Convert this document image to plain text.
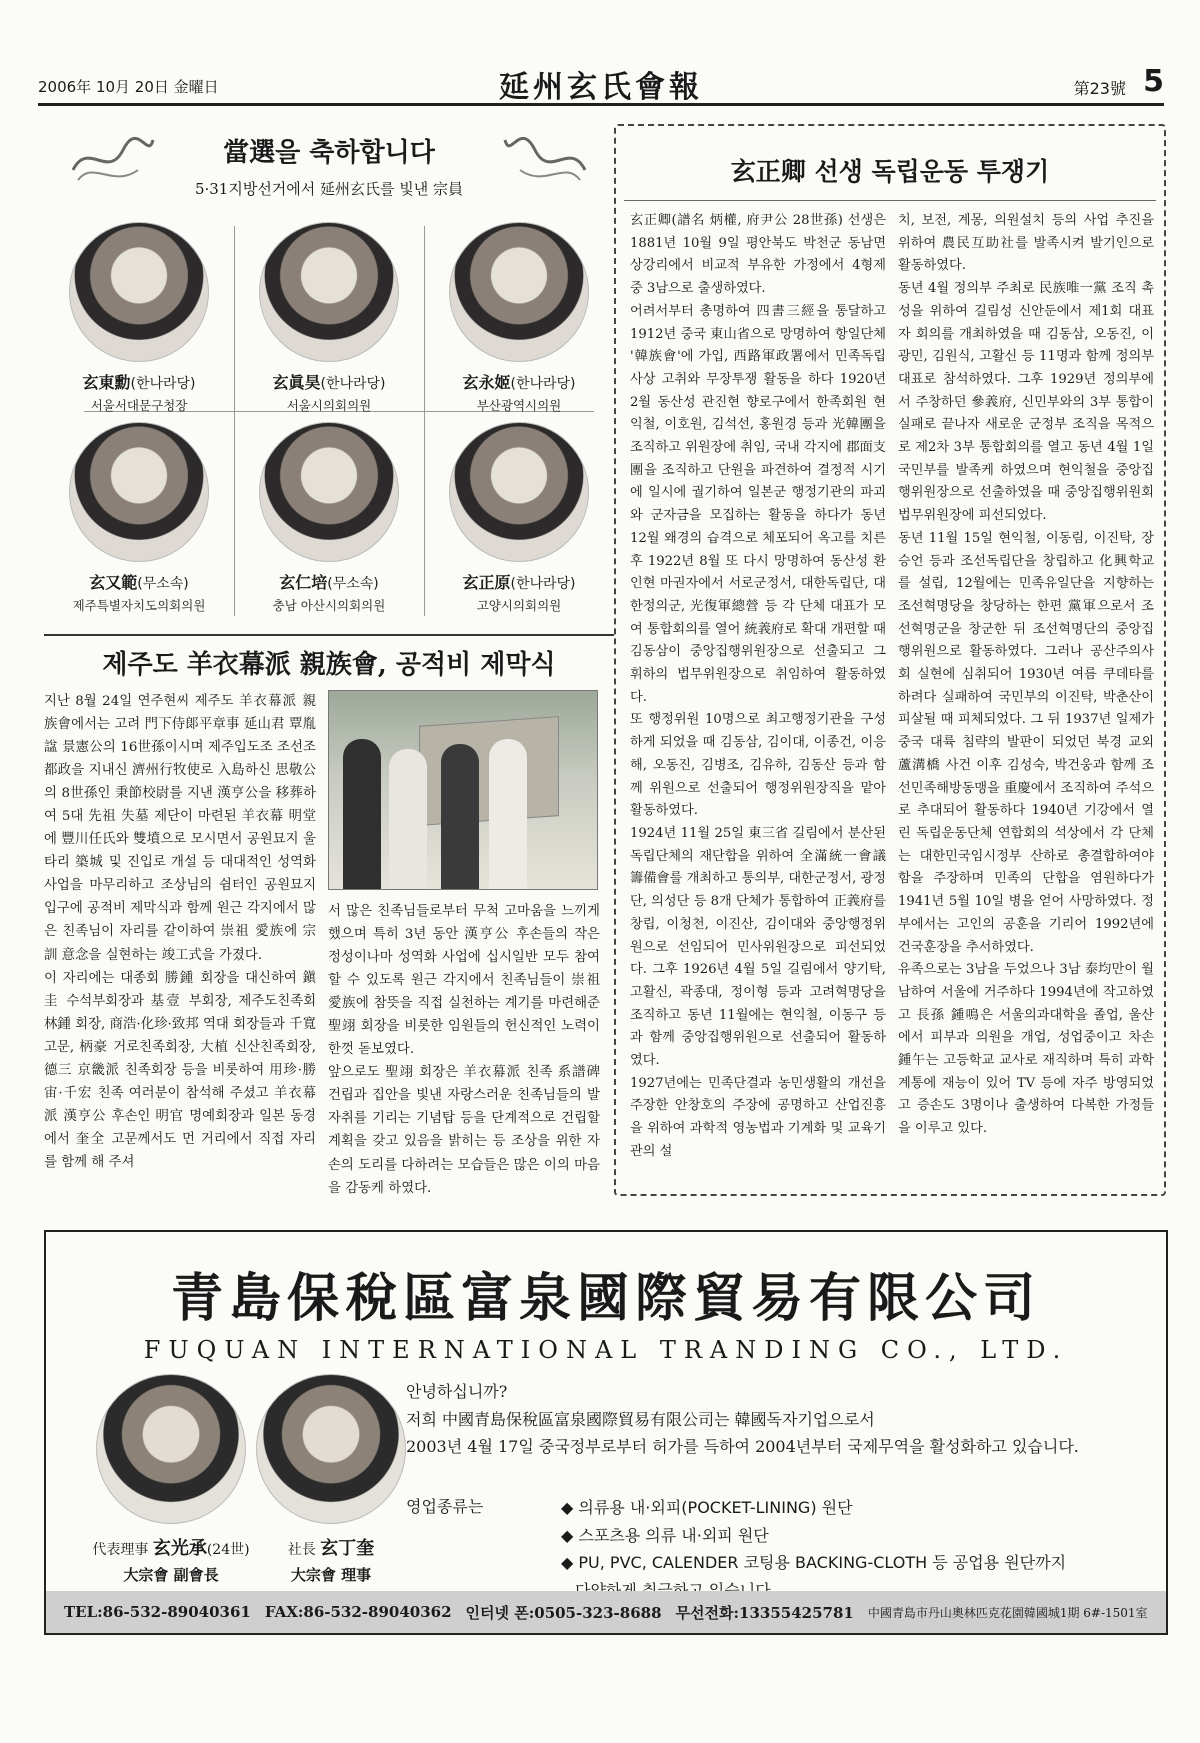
2006年 10月 20日 金曜日	延州玄氏會報	第23號 5
當選을 축하합니다
5·31지방선거에서 延州玄氏를 빛낸 宗員
玄東勳(한나라당)
서울서대문구청장
玄眞昊(한나라당)
서울시의회의원
玄永姬(한나라당)
부산광역시의원
玄又範(무소속)
제주특별자치도의회의원
玄仁培(무소속)
충남 아산시의회의원
玄正原(한나라당)
고양시의회의원
제주도 羊衣幕派 親族會, 공적비 제막식
지난 8월 24일 연주현씨 제주도 羊衣幕派 親族會에서는 고려 門下侍郞平章事 延山君 覃胤 諡 景憲公의 16世孫이시며 제주입도조 조선조 都政을 지내신 濟州行牧使로 入島하신 思敬公의 8世孫인 秉節校尉를 지낸 漢亨公을 移葬하여 5대 先祖 失墓 제단이 마련된 羊衣幕 明堂에 豐川任氏와 雙墳으로 모시면서 공원묘지 울타리 築城 및 진입로 개설 등 대대적인 성역화 사업을 마무리하고 조상님의 쉼터인 공원묘지 입구에 공적비 제막식과 함께 원근 각지에서 많은 친족님이 자리를 같이하여 崇祖 愛族에 宗訓 意念을 실현하는 竣工式을 가졌다.
이 자리에는 대종회 勝鍾 회장을 대신하여 鎭圭 수석부회장과 基壹 부회장, 제주도친족회 林鍾 회장, 商浩·化珍·致邦 역대 회장들과 千寬 고문, 柄豪 거로친족회장, 大植 신산친족회장, 德三 京畿派 친족회장 등을 비롯하여 用珍·勝宙·千宏 친족 여러분이 참석해 주셨고 羊衣幕派 漢亨公 후손인 明官 명예회장과 일본 동경에서 奎全 고문께서도 먼 거리에서 직접 자리를 함께 해 주셔
서 많은 친족님들로부터 무척 고마움을 느끼게 했으며 특히 3년 동안 漢亨公 후손들의 작은 정성이나마 성역화 사업에 십시일반 모두 참여할 수 있도록 원근 각지에서 친족님들이 崇祖 愛族에 참뜻을 직접 실천하는 계기를 마련해준 聖翊 회장을 비롯한 임원들의 헌신적인 노력이 한껏 돋보였다.
앞으로도 聖翊 회장은 羊衣幕派 친족 系譜碑 건립과 집안을 빛낸 자랑스러운 친족님들의 발자취를 기리는 기념탑 등을 단계적으로 건립할 계획을 갖고 있음을 밝히는 등 조상을 위한 자손의 도리를 다하려는 모습들은 많은 이의 마음을 감동케 하였다.
玄正卿 선생 독립운동 투쟁기
玄正卿(譜名 炳權, 府尹公 28世孫) 선생은 1881년 10월 9일 평안북도 박천군 동남면 상강리에서 비교적 부유한 가정에서 4형제 중 3남으로 출생하였다.
어려서부터 총명하여 四書三經을 통달하고 1912년 중국 東山省으로 망명하여 항일단체 '韓族會'에 가입, 西路軍政署에서 민족독립사상 고취와 무장투쟁 활동을 하다 1920년 2월 동산성 관진현 향로구에서 한족회원 현익철, 이호원, 김석선, 홍원경 등과 光韓團을 조직하고 위원장에 취임, 국내 각지에 郡面支團을 조직하고 단원을 파견하여 결정적 시기에 일시에 궐기하여 일본군 행정기관의 파괴와 군자금을 모집하는 활동을 하다가 동년 12월 왜경의 습격으로 체포되어 옥고를 치른 후 1922년 8월 또 다시 망명하여 동산성 환인현 마권자에서 서로군정서, 대한독립단, 대한정의군, 光復軍總營 등 각 단체 대표가 모여 통합회의를 열어 統義府로 확대 개편할 때 김동삼이 중앙집행위원장으로 선출되고 그 휘하의 법무위원장으로 취임하여 활동하였다.
또 행정위원 10명으로 최고행정기관을 구성하게 되었을 때 김동삼, 김이대, 이종건, 이응해, 오동진, 김병조, 김유하, 김동산 등과 함께 위원으로 선출되어 행정위원장직을 맡아 활동하였다.
1924년 11월 25일 東三省 길림에서 분산된 독립단체의 재단합을 위하여 全滿統一會議籌備會를 개최하고 통의부, 대한군정서, 광정단, 의성단 등 8개 단체가 통합하여 正義府를 창립, 이청천, 이진산, 김이대와 중앙행정위원으로 선임되어 민사위원장으로 피선되었다. 그후 1926년 4월 5일 길림에서 양기탁, 고활신, 곽종대, 정이형 등과 고려혁명당을 조직하고 동년 11월에는 현익철, 이동구 등과 함께 중앙집행위원으로 선출되어 활동하였다.
1927년에는 민족단결과 농민생활의 개선을 주장한 안창호의 주장에 공명하고 산업진흥을 위하여 과학적 영농법과 기계화 및 교육기관의 설
치, 보전, 계몽, 의원설치 등의 사업 추진을 위하여 農民互助社를 발족시켜 발기인으로 활동하였다.
동년 4월 정의부 주최로 民族唯一黨 조직 촉성을 위하여 길림성 신안둔에서 제1회 대표자 회의를 개최하였을 때 김동삼, 오동진, 이광민, 김원식, 고활신 등 11명과 함께 정의부 대표로 참석하였다. 그후 1929년 정의부에서 주창하던 參義府, 신민부와의 3부 통합이 실패로 끝나자 새로운 군정부 조직을 목적으로 제2차 3부 통합회의를 열고 동년 4월 1일 국민부를 발족케 하였으며 현익철을 중앙집행위원장으로 선출하였을 때 중앙집행위원회 법무위원장에 피선되었다.
동년 11월 15일 현익철, 이동림, 이진탁, 장승언 등과 조선독립단을 창립하고 化興학교를 설립, 12월에는 민족유일단을 지향하는 조선혁명당을 창당하는 한편 黨軍으로서 조선혁명군을 창군한 뒤 조선혁명단의 중앙집행위원으로 활동하였다. 그러나 공산주의사회 실현에 심취되어 1930년 여름 쿠데타를 하려다 실패하여 국민부의 이진탁, 박춘산이 피살될 때 피체되었다. 그 뒤 1937년 일제가 중국 대륙 침략의 발판이 되었던 북경 교외 蘆溝橋 사건 이후 김성숙, 박건웅과 함께 조선민족해방동맹을 重慶에서 조직하여 주석으로 추대되어 활동하다 1940년 기강에서 열린 독립운동단체 연합회의 석상에서 각 단체는 대한민국임시정부 산하로 총결합하여야 함을 주장하며 민족의 단합을 염원하다가 1941년 5월 10일 병을 얻어 사망하였다. 정부에서는 고인의 공훈을 기리어 1992년에 건국훈장을 추서하였다.
유족으로는 3남을 두었으나 3남 泰均만이 월남하여 서울에 거주하다 1994년에 작고하였고 長孫 鍾鳴은 서울의과대학을 졸업, 울산에서 피부과 의원을 개업, 성업중이고 차손 鍾午는 고등학교 교사로 재직하며 특히 과학계통에 재능이 있어 TV 등에 자주 방영되었고 증손도 3명이나 출생하여 다복한 가정들을 이루고 있다.
青島保稅區富泉國際貿易有限公司
FUQUAN INTERNATIONAL TRANDING CO., LTD.
代表理事 玄光承(24世)
大宗會 副會長
社長 玄丁奎
大宗會 理事
안녕하십니까?
저희 中國青島保稅區富泉國際貿易有限公司는 韓國독자기업으로서
2003년 4월 17일 중국정부로부터 허가를 득하여 2004년부터 국제무역을 활성화하고 있습니다.
영업종류는	◆ 의류용 내·외피(POCKET-LINING) 원단
◆ 스포츠용 의류 내·외피 원단
◆ PU, PVC, CALENDER 코팅용 BACKING-CLOTH 등 공업용 원단까지
TEL:86-532-89040361 FAX:86-532-89040362 인터넷 폰:0505-323-8688 무선전화:13355425781 中國青島市丹山奧林匹克花園韓國城1期 6#-1501室
